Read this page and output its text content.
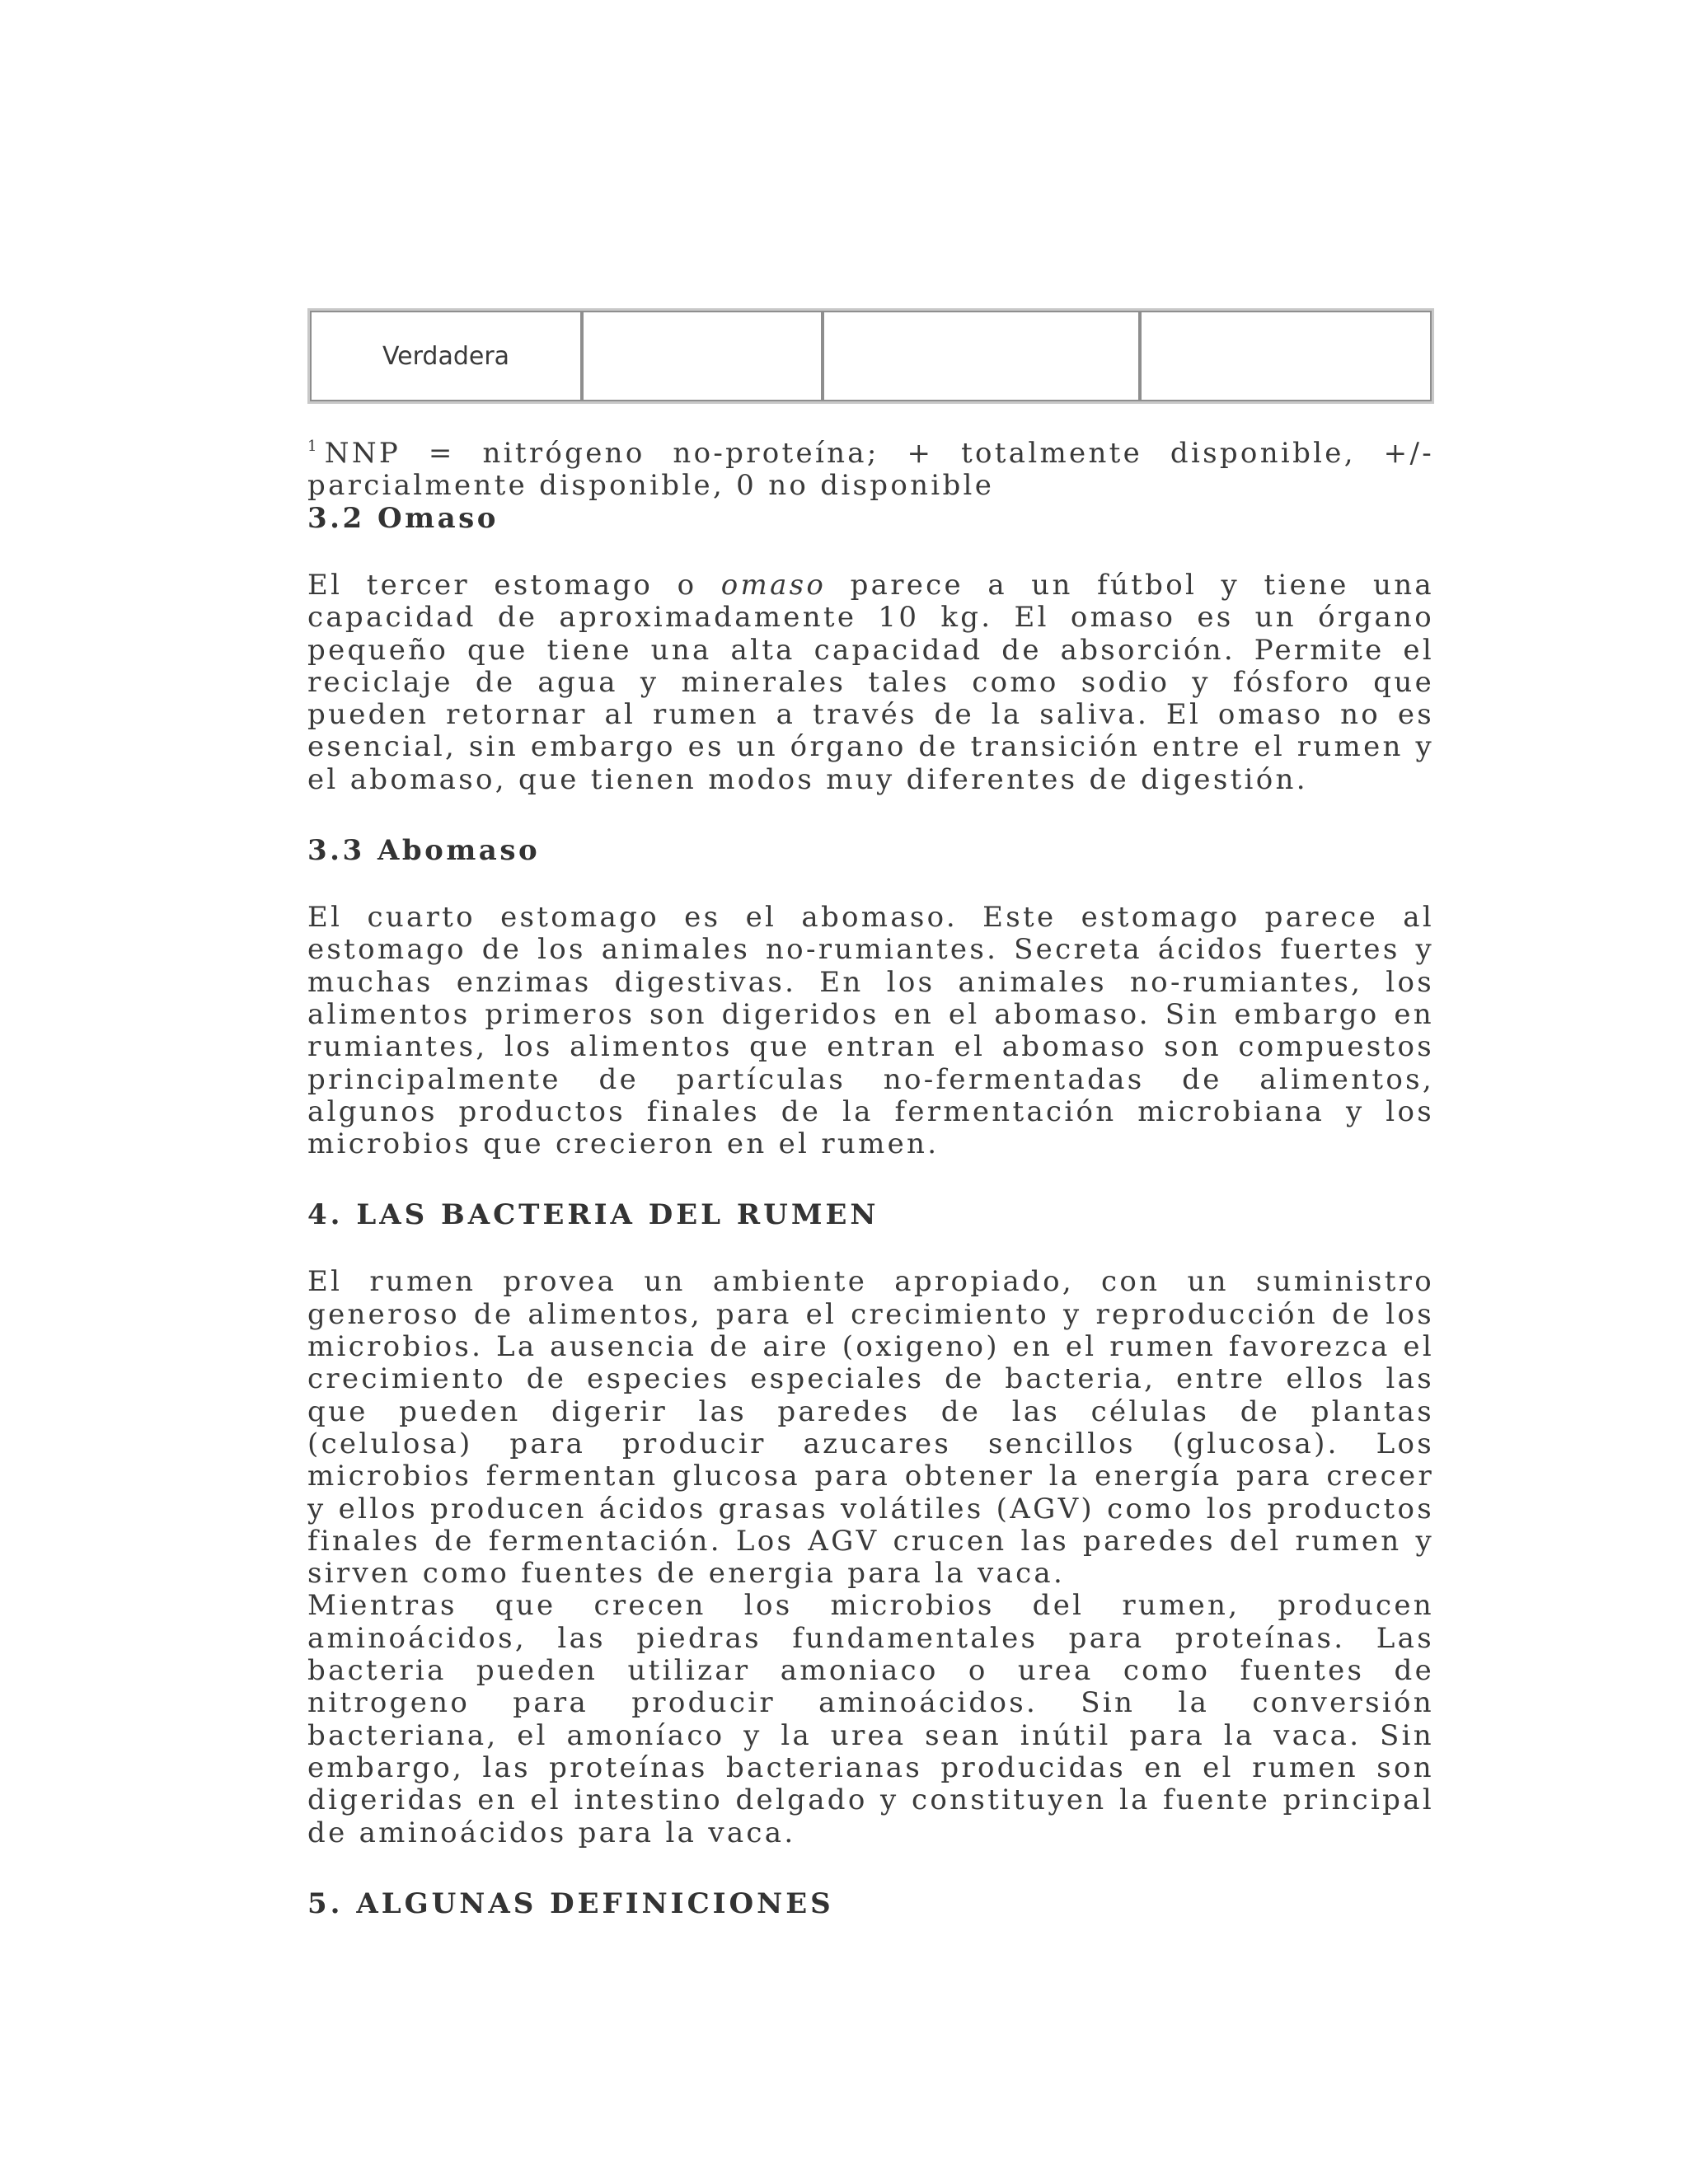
Verdadera			
$^1$ NNP = nitrógeno no-proteína; + totalmente disponible, +/- parcialmente disponible, 0 no disponible
3.2 Omaso

El tercer estomago o omaso parece a un fútbol y tiene una capacidad de aproximadamente 10 kg. El omaso es un órgano pequeño que tiene una alta capacidad de absorción. Permite el reciclaje de agua y minerales tales como sodio y fósforo que pueden retornar al rumen a través de la saliva. El omaso no es esencial, sin embargo es un órgano de transición entre el rumen y el abomaso, que tienen modos muy diferentes de digestión.

3.3 Abomaso

El cuarto estomago es el abomaso. Este estomago parece al estomago de los animales no-rumiantes. Secreta ácidos fuertes y muchas enzimas digestivas. En los animales no-rumiantes, los alimentos primeros son digeridos en el abomaso. Sin embargo en rumiantes, los alimentos que entran el abomaso son compuestos principalmente de partículas no-fermentadas de alimentos, algunos productos finales de la fermentación microbiana y los microbios que crecieron en el rumen.

4. LAS BACTERIA DEL RUMEN

El rumen provea un ambiente apropiado, con un suministro generoso de alimentos, para el crecimiento y reproducción de los microbios. La ausencia de aire (oxigeno) en el rumen favorezca el crecimiento de especies especiales de bacteria, entre ellos las que pueden digerir las paredes de las células de plantas (celulosa) para producir azucares sencillos (glucosa). Los microbios fermentan glucosa para obtener la energía para crecer y ellos producen ácidos grasas volátiles (AGV) como los productos finales de fermentación. Los AGV crucen las paredes del rumen y sirven como fuentes de energia para la vaca.

Mientras que crecen los microbios del rumen, producen aminoácidos, las piedras fundamentales para proteínas. Las bacteria pueden utilizar amoniaco o urea como fuentes de nitrogeno para producir aminoácidos. Sin la conversión bacteriana, el amoníaco y la urea sean inútil para la vaca. Sin embargo, las proteínas bacterianas producidas en el rumen son digeridas en el intestino delgado y constituyen la fuente principal de aminoácidos para la vaca.

5. ALGUNAS DEFINICIONES
